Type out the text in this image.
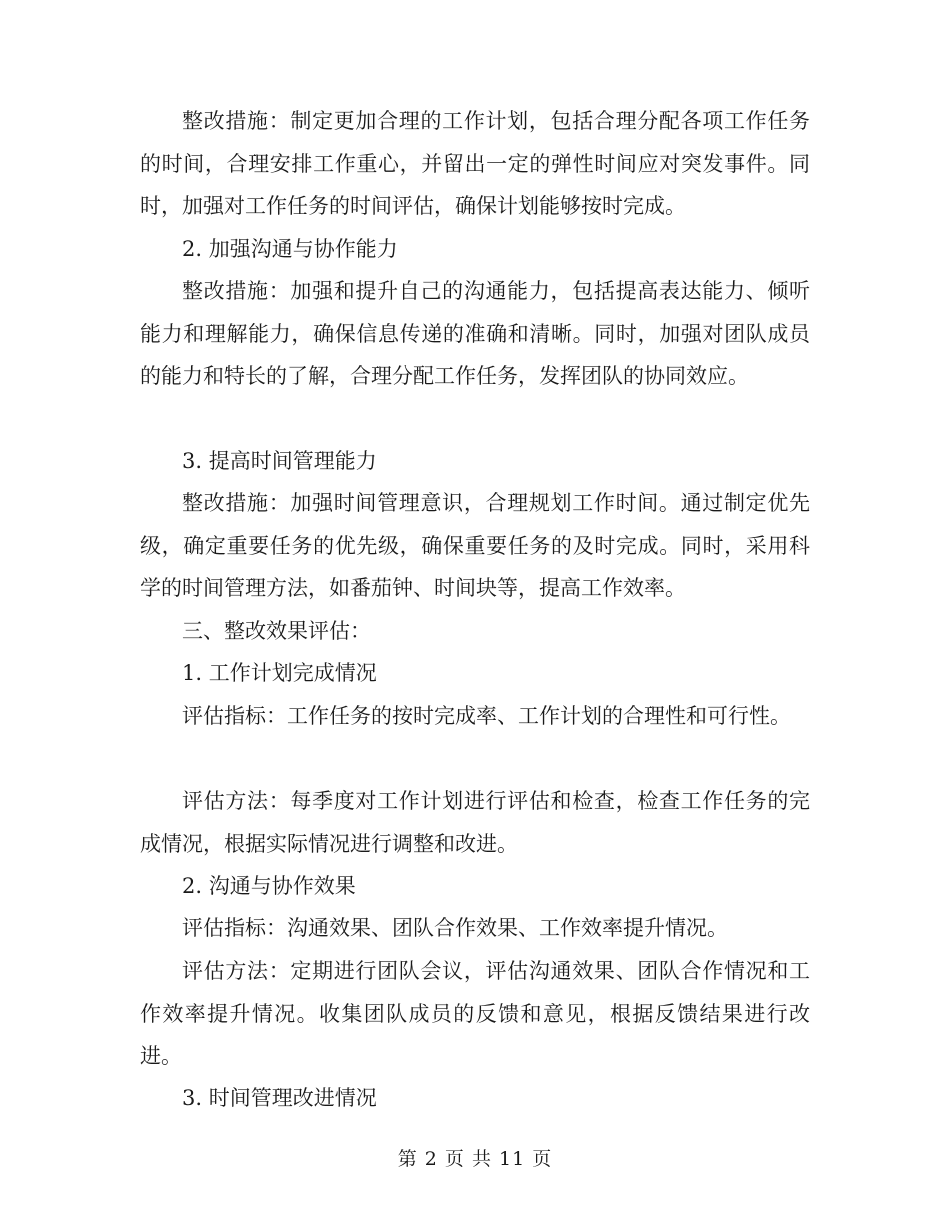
整改措施：制定更加合理的工作计划，包括合理分配各项工作任务的时间，合理安排工作重心，并留出一定的弹性时间应对突发事件。同时，加强对工作任务的时间评估，确保计划能够按时完成。

2. 加强沟通与协作能力

整改措施：加强和提升自己的沟通能力，包括提高表达能力、倾听能力和理解能力，确保信息传递的准确和清晰。同时，加强对团队成员的能力和特长的了解，合理分配工作任务，发挥团队的协同效应。

3. 提高时间管理能力

整改措施：加强时间管理意识，合理规划工作时间。通过制定优先级，确定重要任务的优先级，确保重要任务的及时完成。同时，采用科学的时间管理方法，如番茄钟、时间块等，提高工作效率。

三、整改效果评估：

1. 工作计划完成情况

评估指标：工作任务的按时完成率、工作计划的合理性和可行性。

评估方法：每季度对工作计划进行评估和检查，检查工作任务的完成情况，根据实际情况进行调整和改进。

2. 沟通与协作效果

评估指标：沟通效果、团队合作效果、工作效率提升情况。

评估方法：定期进行团队会议，评估沟通效果、团队合作情况和工作效率提升情况。收集团队成员的反馈和意见，根据反馈结果进行改进。

3. 时间管理改进情况

第 2 页 共 11 页
